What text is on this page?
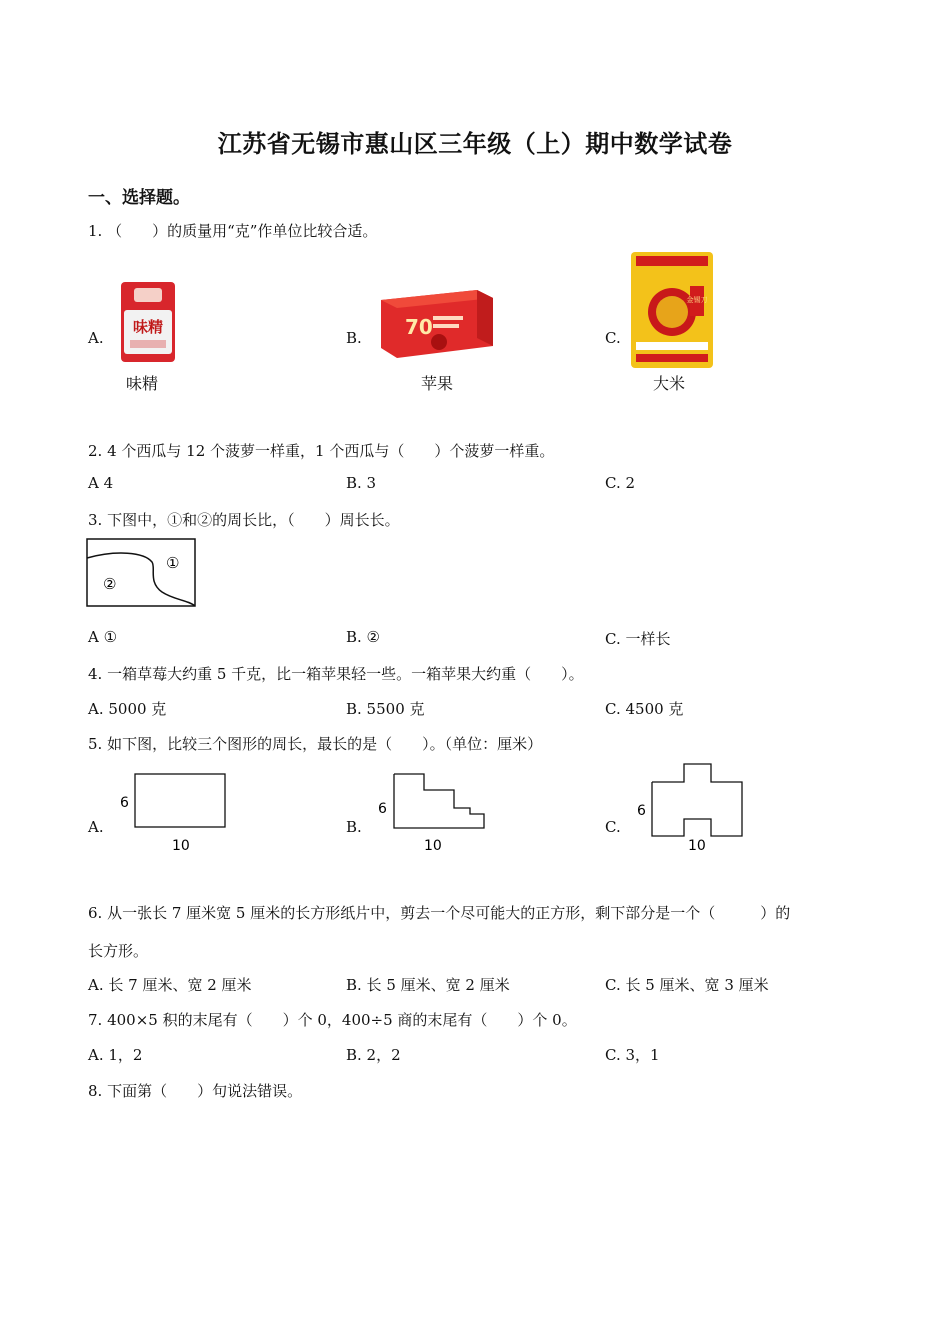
江苏省无锡市惠山区三年级（上）期中数学试卷
一、选择题。
1. （　　）的质量用“克”作单位比较合适。
A.
味精
味精
B. 70
苹果
C.
金锡刀
大米
2. 4 个西瓜与 12 个菠萝一样重，1 个西瓜与（　　）个菠萝一样重。
A 4	B. 3	C. 2
3. 下图中，①和②的周长比，（　　）周长长。
①
②
A ①	B. ②	C. 一样长
4. 一箱草莓大约重 5 千克，比一箱苹果轻一些。一箱苹果大约重（　　）。
A. 5000 克	B. 5500 克	C. 4500 克
5. 如下图，比较三个图形的周长，最长的是（　　）。（单位：厘米）
A.
6
10
B.
6
10
C.
6
10
6. 从一张长 7 厘米宽 5 厘米的长方形纸片中，剪去一个尽可能大的正方形，剩下部分是一个（　　　）的
长方形。
A. 长 7 厘米、宽 2 厘米	B. 长 5 厘米、宽 2 厘米	C. 长 5 厘米、宽 3 厘米
7. 400×5 积的末尾有（　　）个 0，400÷5 商的末尾有（　　）个 0。
A. 1，2	B. 2，2	C. 3，1
8. 下面第（　　）句说法错误。
